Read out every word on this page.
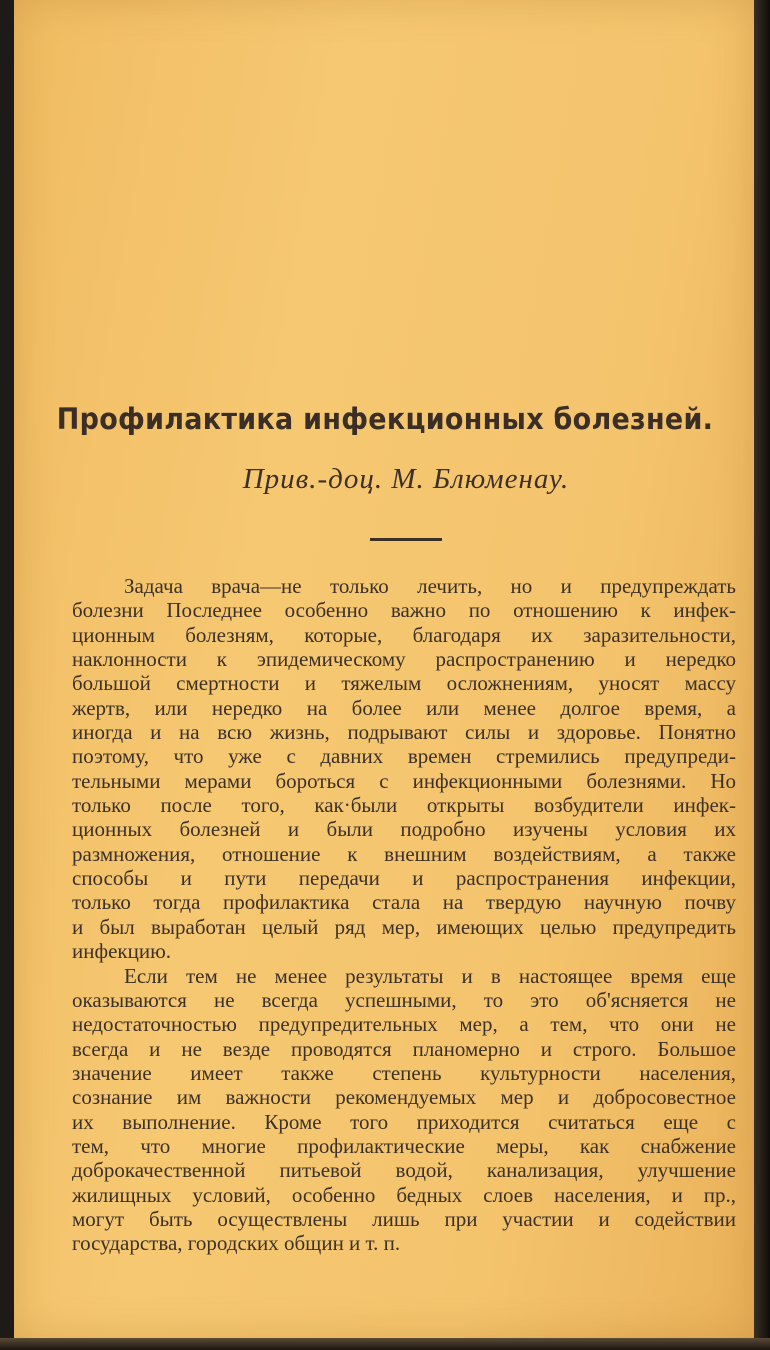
Профилактика инфекционных болезней.
Прив.-доц. М. Блюменау.
Задача врача—не только лечить, но и предупреждать
болезни Последнее особенно важно по отношению к инфек-
ционным болезням, которые, благодаря их заразительности,
наклонности к эпидемическому распространению и нередко
большой смертности и тяжелым осложнениям, уносят массу
жертв, или нередко на более или менее долгое время, а
иногда и на всю жизнь, подрывают силы и здоровье. Понятно
поэтому, что уже с давних времен стремились предупреди-
тельными мерами бороться с инфекционными болезнями. Но
только после того, как·были открыты возбудители инфек-
ционных болезней и были подробно изучены условия их
размножения, отношение к внешним воздействиям, а также
способы и пути передачи и распространения инфекции,
только тогда профилактика стала на твердую научную почву
и был выработан целый ряд мер, имеющих целью предупредить
инфекцию.
Если тем не менее результаты и в настоящее время еще
оказываются не всегда успешными, то это об'ясняется не
недостаточностью предупредительных мер, а тем, что они не
всегда и не везде проводятся планомерно и строго. Большое
значение имеет также степень культурности населения,
сознание им важности рекомендуемых мер и добросовестное
их выполнение. Кроме того приходится считаться еще с
тем, что многие профилактические меры, как снабжение
доброкачественной питьевой водой, канализация, улучшение
жилищных условий, особенно бедных слоев населения, и пр.,
могут быть осуществлены лишь при участии и содействии
государства, городских общин и т. п.
